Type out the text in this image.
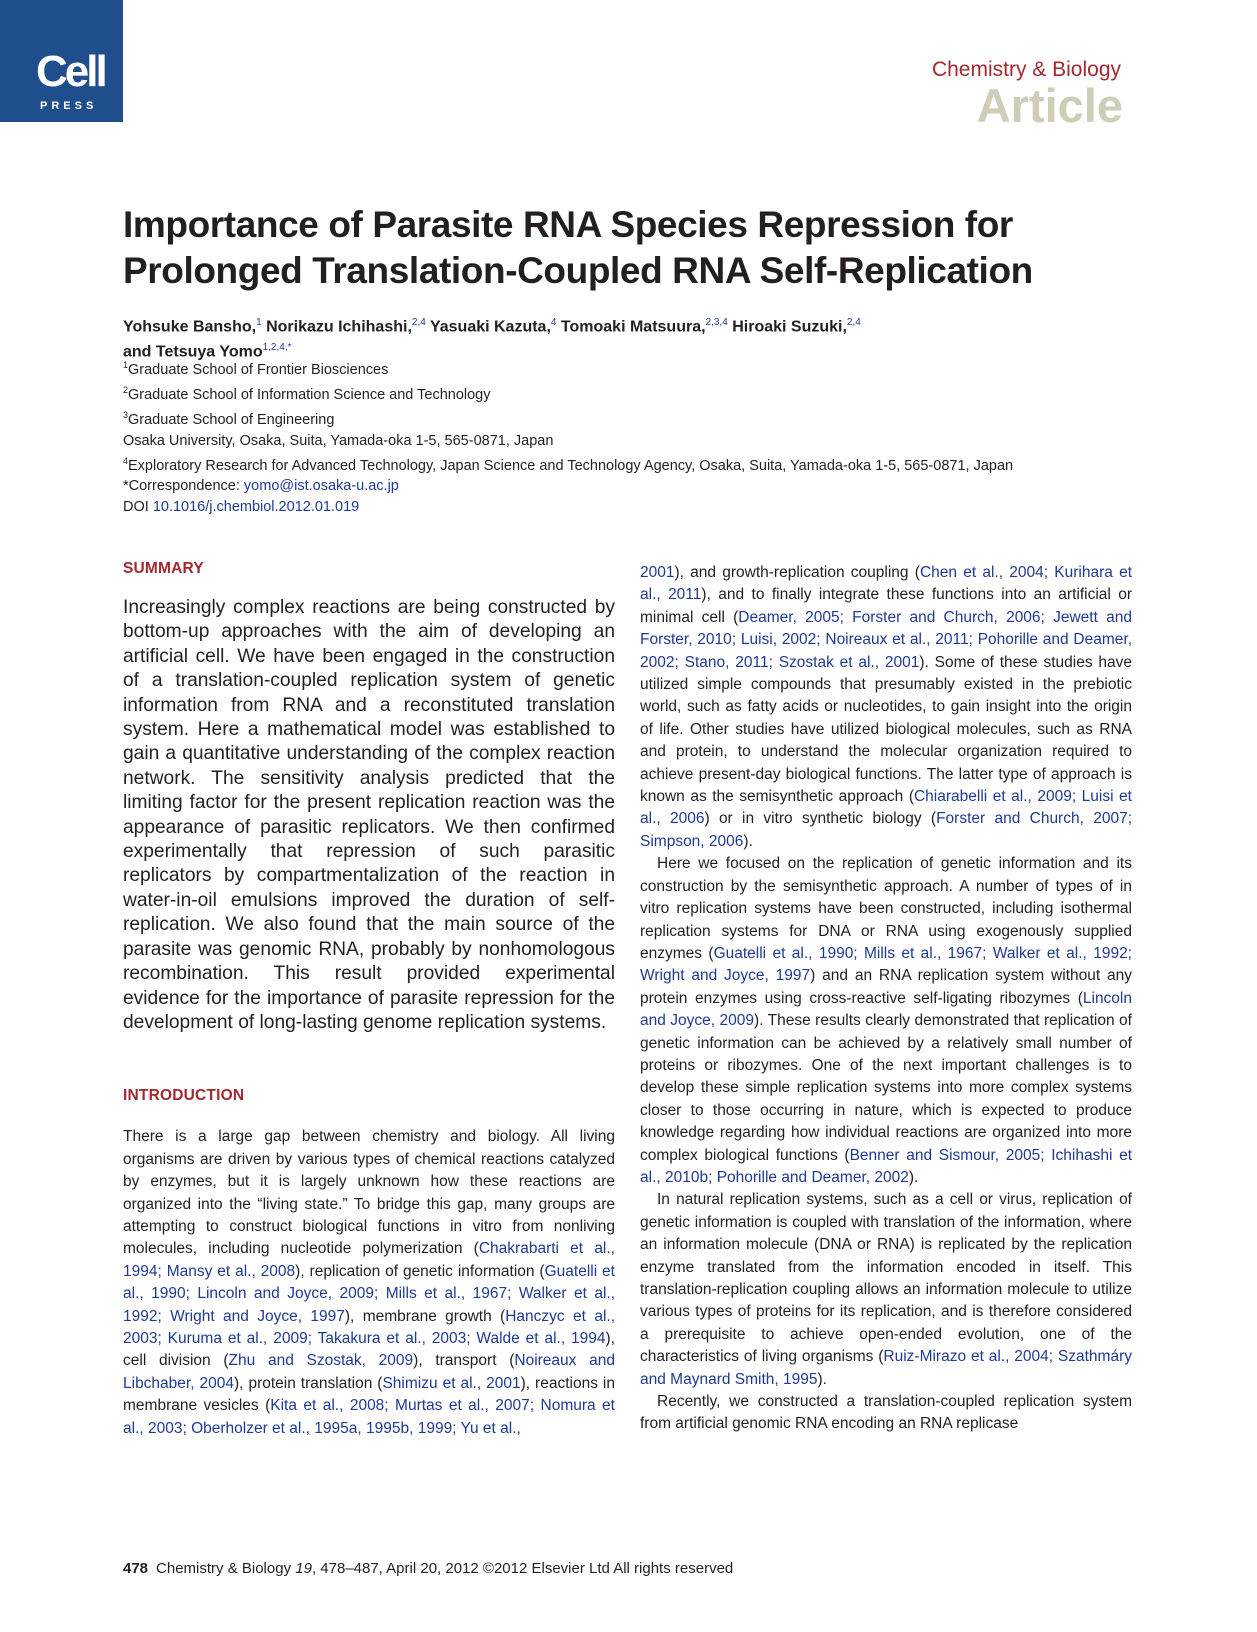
Cell
PRESS
Chemistry & Biology
Article
Importance of Parasite RNA Species Repression for
Prolonged Translation-Coupled RNA Self-Replication
Yohsuke Bansho,$^1$ Norikazu Ichihashi,$^{2,4}$ Yasuaki Kazuta,$^4$ Tomoaki Matsuura,$^{2,3,4}$ Hiroaki Suzuki,$^{2,4}$
and Tetsuya Yomo$^{1,2,4,*}$
$^1$Graduate School of Frontier Biosciences
$^2$Graduate School of Information Science and Technology
$^3$Graduate School of Engineering
Osaka University, Osaka, Suita, Yamada-oka 1-5, 565-0871, Japan
$^4$Exploratory Research for Advanced Technology, Japan Science and Technology Agency, Osaka, Suita, Yamada-oka 1-5, 565-0871, Japan
*Correspondence: yomo@ist.osaka-u.ac.jp
DOI 10.1016/j.chembiol.2012.01.019
SUMMARY

Increasingly complex reactions are being constructed by bottom-up approaches with the aim of developing an artificial cell. We have been engaged in the construction of a translation-coupled replication system of genetic information from RNA and a reconstituted translation system. Here a mathematical model was established to gain a quantitative understanding of the complex reaction network. The sensitivity analysis predicted that the limiting factor for the present replication reaction was the appearance of parasitic replicators. We then confirmed experimentally that repression of such parasitic replicators by compartmentalization of the reaction in water-in-oil emulsions improved the duration of self-replication. We also found that the main source of the parasite was genomic RNA, probably by nonhomologous recombination. This result provided experimental evidence for the importance of parasite repression for the development of long-lasting genome replication systems.

INTRODUCTION

There is a large gap between chemistry and biology. All living organisms are driven by various types of chemical reactions catalyzed by enzymes, but it is largely unknown how these reactions are organized into the “living state.” To bridge this gap, many groups are attempting to construct biological functions in vitro from nonliving molecules, including nucleotide polymerization (Chakrabarti et al., 1994; Mansy et al., 2008), replication of genetic information (Guatelli et al., 1990; Lincoln and Joyce, 2009; Mills et al., 1967; Walker et al., 1992; Wright and Joyce, 1997), membrane growth (Hanczyc et al., 2003; Kuruma et al., 2009; Takakura et al., 2003; Walde et al., 1994), cell division (Zhu and Szostak, 2009), transport (Noireaux and Libchaber, 2004), protein translation (Shimizu et al., 2001), reactions in membrane vesicles (Kita et al., 2008; Murtas et al., 2007; Nomura et al., 2003; Oberholzer et al., 1995a, 1995b, 1999; Yu et al.,

2001), and growth-replication coupling (Chen et al., 2004; Kurihara et al., 2011), and to finally integrate these functions into an artificial or minimal cell (Deamer, 2005; Forster and Church, 2006; Jewett and Forster, 2010; Luisi, 2002; Noireaux et al., 2011; Pohorille and Deamer, 2002; Stano, 2011; Szostak et al., 2001). Some of these studies have utilized simple compounds that presumably existed in the prebiotic world, such as fatty acids or nucleotides, to gain insight into the origin of life. Other studies have utilized biological molecules, such as RNA and protein, to understand the molecular organization required to achieve present-day biological functions. The latter type of approach is known as the semisynthetic approach (Chiarabelli et al., 2009; Luisi et al., 2006) or in vitro synthetic biology (Forster and Church, 2007; Simpson, 2006).

Here we focused on the replication of genetic information and its construction by the semisynthetic approach. A number of types of in vitro replication systems have been constructed, including isothermal replication systems for DNA or RNA using exogenously supplied enzymes (Guatelli et al., 1990; Mills et al., 1967; Walker et al., 1992; Wright and Joyce, 1997) and an RNA replication system without any protein enzymes using cross-reactive self-ligating ribozymes (Lincoln and Joyce, 2009). These results clearly demonstrated that replication of genetic information can be achieved by a relatively small number of proteins or ribozymes. One of the next important challenges is to develop these simple replication systems into more complex systems closer to those occurring in nature, which is expected to produce knowledge regarding how individual reactions are organized into more complex biological functions (Benner and Sismour, 2005; Ichihashi et al., 2010b; Pohorille and Deamer, 2002).

In natural replication systems, such as a cell or virus, replication of genetic information is coupled with translation of the information, where an information molecule (DNA or RNA) is replicated by the replication enzyme translated from the information encoded in itself. This translation-replication coupling allows an information molecule to utilize various types of proteins for its replication, and is therefore considered a prerequisite to achieve open-ended evolution, one of the characteristics of living organisms (Ruiz-Mirazo et al., 2004; Szathmáry and Maynard Smith, 1995).

Recently, we constructed a translation-coupled replication system from artificial genomic RNA encoding an RNA replicase

478 Chemistry & Biology 19, 478–487, April 20, 2012 ©2012 Elsevier Ltd All rights reserved
